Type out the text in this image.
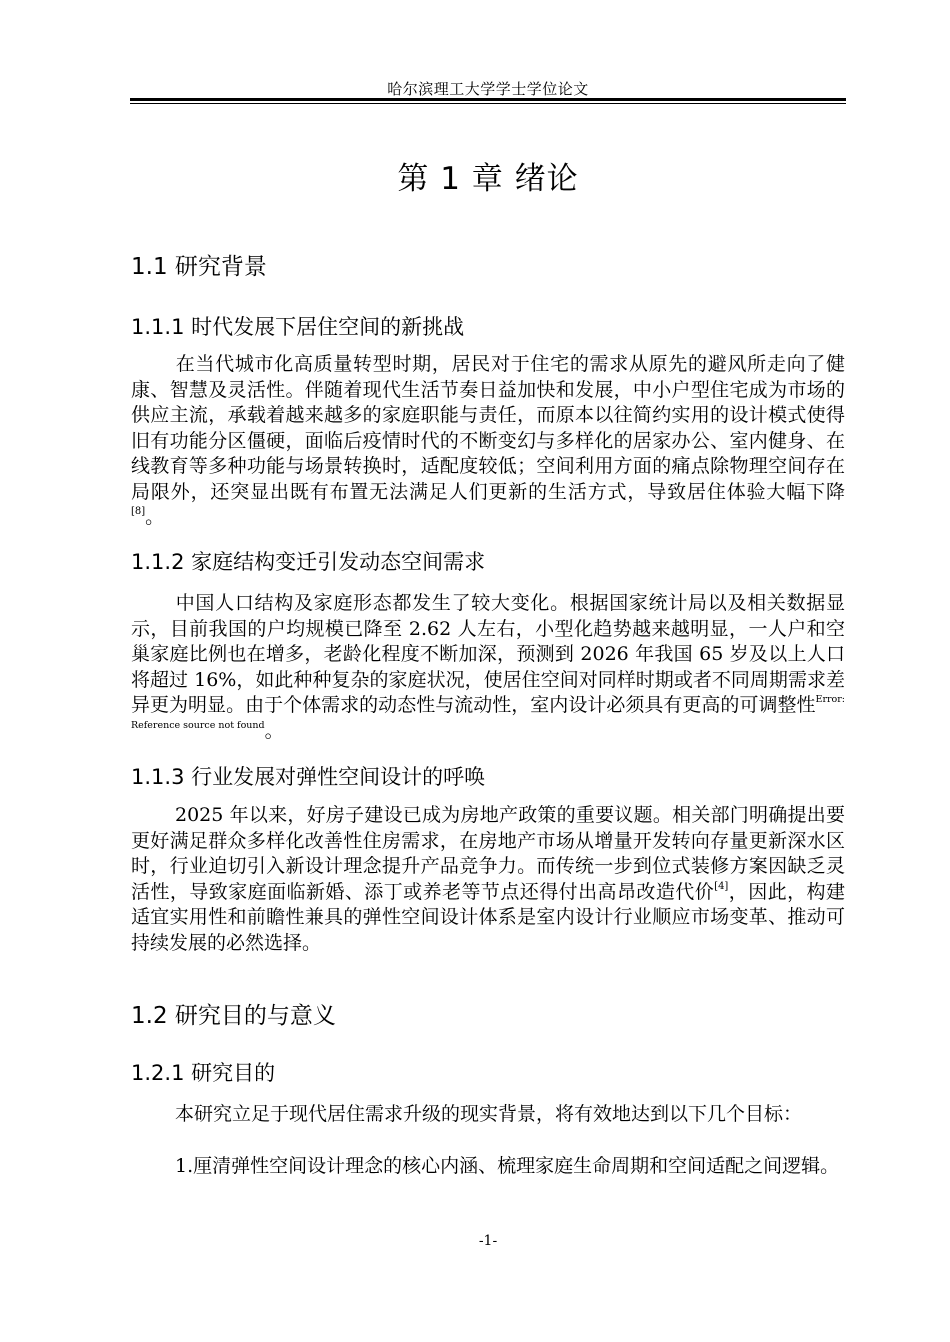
哈尔滨理工大学学士学位论文
第 1 章 绪论
1.1 研究背景
1.1.1 时代发展下居住空间的新挑战
在当代城市化高质量转型时期，居民对于住宅的需求从原先的避风所走向了健康、智慧及灵活性。伴随着现代生活节奏日益加快和发展，中小户型住宅成为市场的供应主流，承载着越来越多的家庭职能与责任，而原本以往简约实用的设计模式使得旧有功能分区僵硬，面临后疫情时代的不断变幻与多样化的居家办公、室内健身、在线教育等多种功能与场景转换时，适配度较低；空间利用方面的痛点除物理空间存在局限外，还突显出既有布置无法满足人们更新的生活方式，导致居住体验大幅下降[8]。
1.1.2 家庭结构变迁引发动态空间需求
中国人口结构及家庭形态都发生了较大变化。根据国家统计局以及相关数据显示，目前我国的户均规模已降至 2.62 人左右，小型化趋势越来越明显，一人户和空巢家庭比例也在增多，老龄化程度不断加深，预测到 2026 年我国 65 岁及以上人口将超过 16%，如此种种复杂的家庭状况，使居住空间对同样时期或者不同周期需求差异更为明显。由于个体需求的动态性与流动性，室内设计必须具有更高的可调整性$^{Error: Reference source not found}$。
1.1.3 行业发展对弹性空间设计的呼唤
2025 年以来，好房子建设已成为房地产政策的重要议题。相关部门明确提出要更好满足群众多样化改善性住房需求，在房地产市场从增量开发转向存量更新深水区时，行业迫切引入新设计理念提升产品竞争力。而传统一步到位式装修方案因缺乏灵活性，导致家庭面临新婚、添丁或养老等节点还得付出高昂改造代价[4]，因此，构建适宜实用性和前瞻性兼具的弹性空间设计体系是室内设计行业顺应市场变革、推动可持续发展的必然选择。
1.2 研究目的与意义
1.2.1 研究目的
本研究立足于现代居住需求升级的现实背景，将有效地达到以下几个目标：
1.厘清弹性空间设计理念的核心内涵、梳理家庭生命周期和空间适配之间逻辑。
-1-
